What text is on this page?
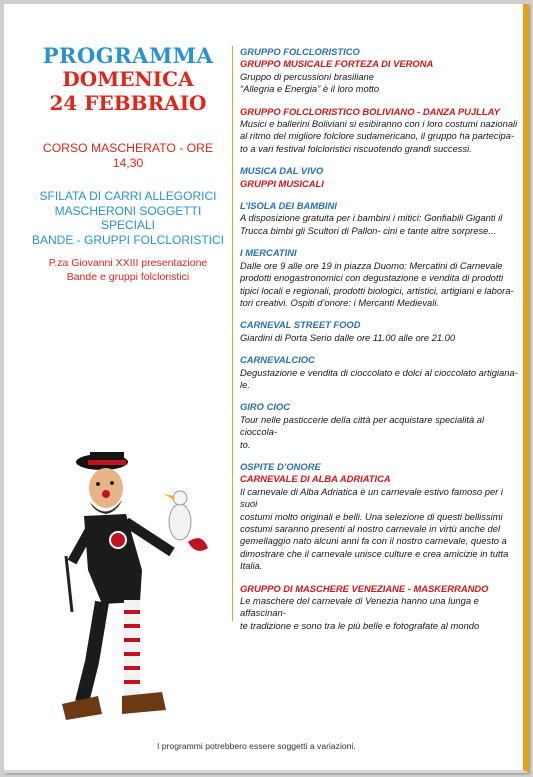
PROGRAMMA
DOMENICA
24 FEBBRAIO
CORSO MASCHERATO - ORE 14,30
SFILATA DI CARRI ALLEGORICI
MASCHERONI SOGGETTI SPECIALI
BANDE - GRUPPI FOLCLORISTICI
P.za Giovanni XXIII presentazione
Bande e gruppi folcloristici
GRUPPO FOLCLORISTICO
GRUPPO MUSICALE FORTEZA DI VERONA
Gruppo di percussioni brasiliane
“Allegria e Energia” è il loro motto
GRUPPO FOLCLORISTICO BOLIVIANO - DANZA PUJLLAY
Musici e ballerini Boliviani si esibiranno con i loro costumi nazionali
al ritmo del migliore folclore sudamericano, il gruppo ha partecipa-
to a vari festival folcloristici riscuotendo grandi successi.
MUSICA DAL VIVO
GRUPPI MUSICALI
L’ISOLA DEI BAMBINI
A disposizione gratuita per i bambini i mitici: Gonfiabili Giganti il
Trucca bimbi gli Scultori di Pallon- cini e tante altre sorprese...
I MERCATINI
Dalle ore 9 alle ore 19 in piazza Duomo: Mercatini di Carnevale
prodotti enogastronomici con degustazione e vendita di prodotti
tipici locali e regionali, prodotti biologici, artistici, artigiani e labora-
tori creativi. Ospiti d’onore: i Mercanti Medievali.
CARNEVAL STREET FOOD
Giardini di Porta Serio dalle ore 11.00 alle ore 21.00
CARNEVALCIOC
Degustazione e vendita di cioccolato e dolci al cioccolato artigiana-
le.
GIRO CIOC
Tour nelle pasticcerie della città per acquistare specialità al cioccola-
to.
OSPITE D’ONORE
CARNEVALE DI ALBA ADRIATICA
Il carnevale di Alba Adriatica è un carnevale estivo famoso per i suoi
costumi molto originali e belli. Una selezione di questi bellissimi
costumi saranno presenti al nostro carnevale in virtù anche del
gemellaggio nato alcuni anni fa con il nostro carnevale, questo a
dimostrare che il carnevale unisce culture e crea amicizie in tutta
Italia.
GRUPPO DI MASCHERE VENEZIANE - MASKERRANDO
Le maschere del carnevale di Venezia hanno una lunga e affascinan-
te tradizione e sono tra le più belle e fotografate al mondo
I programmi potrebbero essere soggetti a variazioni.
